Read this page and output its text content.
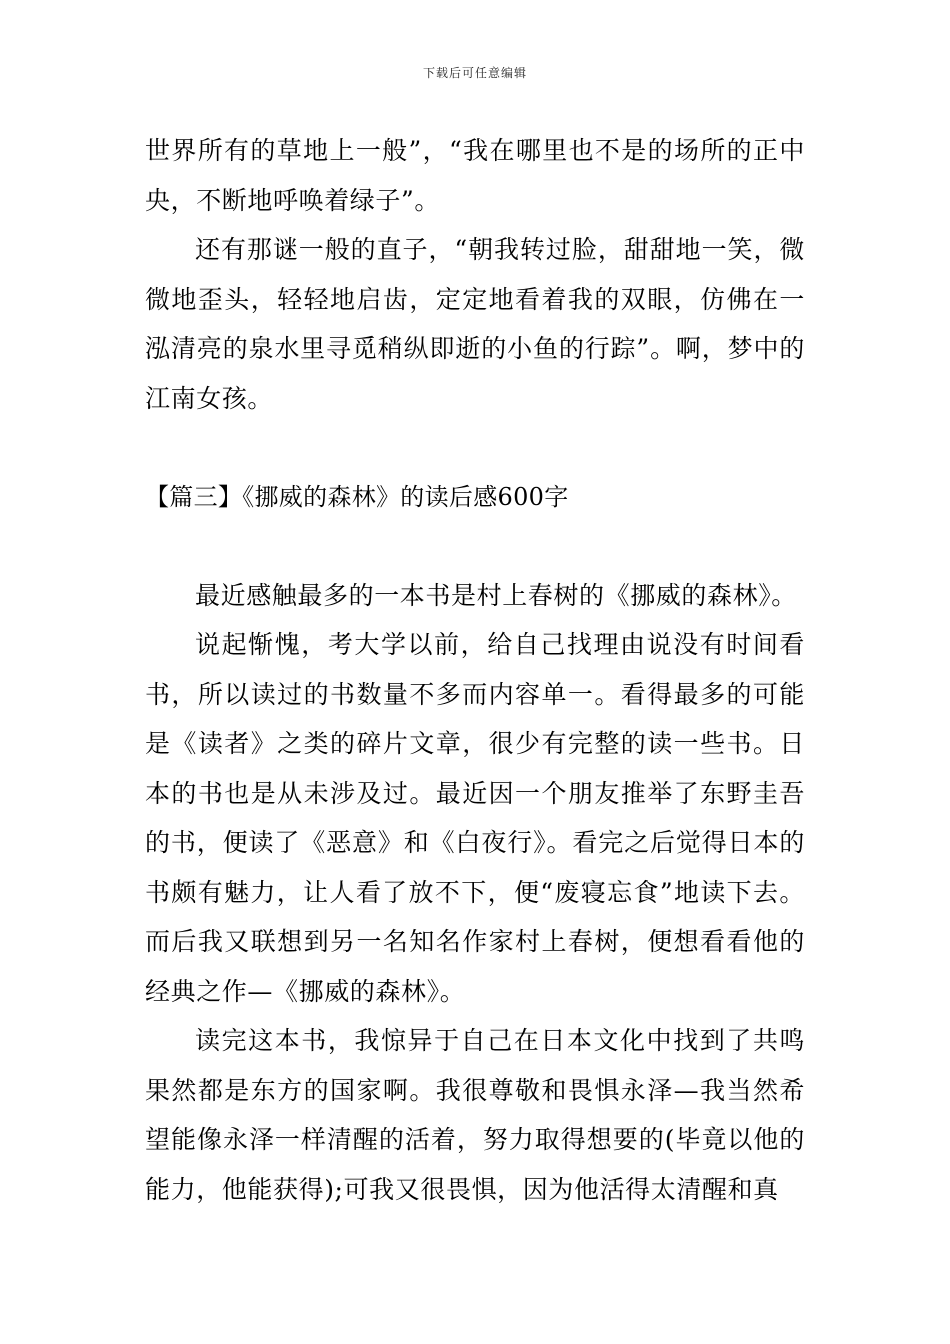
下载后可任意编辑

世界所有的草地上一般”，“我在哪里也不是的场所的正中央，不断地呼唤着绿子”。

还有那谜一般的直子，“朝我转过脸，甜甜地一笑，微微地歪头，轻轻地启齿，定定地看着我的双眼，仿佛在一泓清亮的泉水里寻觅稍纵即逝的小鱼的行踪”。啊，梦中的江南女孩。

【篇三】《挪威的森林》的读后感600字

最近感触最多的一本书是村上春树的《挪威的森林》。

说起惭愧，考大学以前，给自己找理由说没有时间看书，所以读过的书数量不多而内容单一。看得最多的可能是《读者》之类的碎片文章，很少有完整的读一些书。日本的书也是从未涉及过。最近因一个朋友推举了东野圭吾的书，便读了《恶意》和《白夜行》。看完之后觉得日本的书颇有魅力，让人看了放不下，便“废寝忘食”地读下去。而后我又联想到另一名知名作家村上春树，便想看看他的经典之作—《挪威的森林》。

读完这本书，我惊异于自己在日本文化中找到了共鸣果然都是东方的国家啊。我很尊敬和畏惧永泽—我当然希望能像永泽一样清醒的活着，努力取得想要的(毕竟以他的能力，他能获得);可我又很畏惧，因为他活得太清醒和真
